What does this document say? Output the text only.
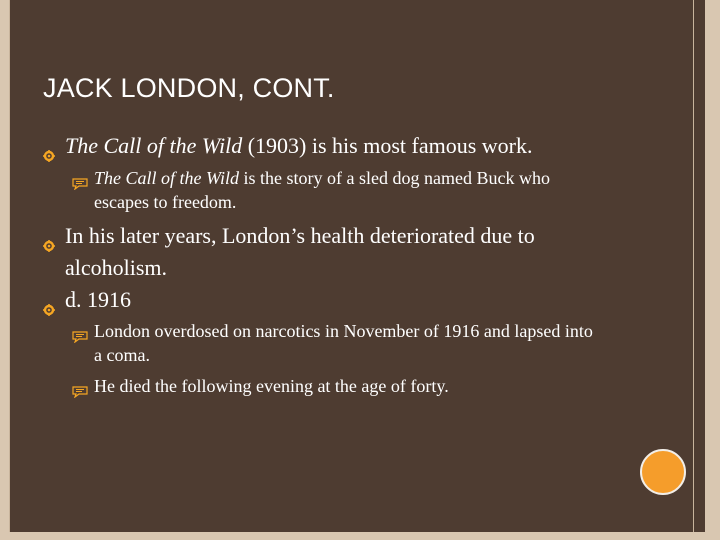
JACK LONDON, CONT.
The Call of the Wild (1903) is his most famous work.
The Call of the Wild is the story of a sled dog named Buck who escapes to freedom.
In his later years, London’s health deteriorated due to alcoholism.
d. 1916
London overdosed on narcotics in November of 1916 and lapsed into a coma.
He died the following evening at the age of forty.
